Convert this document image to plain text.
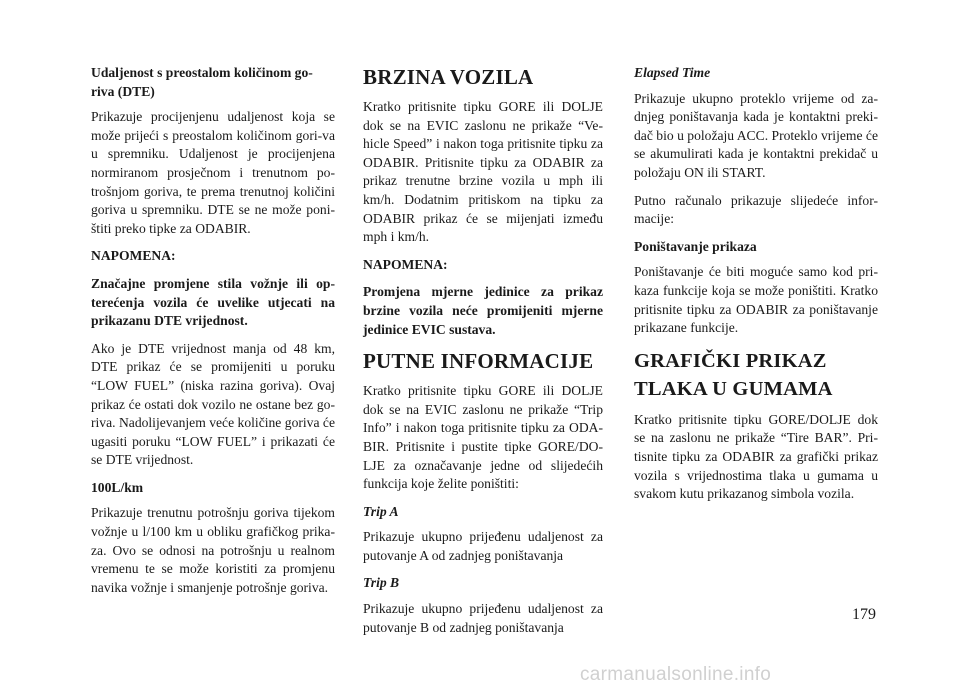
Udaljenost s preostalom količinom go-riva (DTE)

Prikazuje procijenjenu udaljenost koja se može prijeći s preostalom količinom gori-va u spremniku. Udaljenost je procijenjena normiranom prosječnom i trenutnom po-trošnjom goriva, te prema trenutnoj količini goriva u spremniku. DTE se ne može poni-štiti preko tipke za ODABIR.

NAPOMENA:

Značajne promjene stila vožnje ili op-terećenja vozila će uvelike utjecati na prikazanu DTE vrijednost.

Ako je DTE vrijednost manja od 48 km, DTE prikaz će se promijeniti u poruku “LOW FUEL” (niska razina goriva). Ovaj prikaz će ostati dok vozilo ne ostane bez go-riva. Nadolijevanjem veće količine goriva će ugasiti poruku “LOW FUEL” i prikazati će se DTE vrijednost.

100L/km

Prikazuje trenutnu potrošnju goriva tijekom vožnje u l/100 km u obliku grafičkog prika-za. Ovo se odnosi na potrošnju u realnom vremenu te se može koristiti za promjenu navika vožnje i smanjenje potrošnje goriva.

BRZINA VOZILA

Kratko pritisnite tipku GORE ili DOLJE dok se na EVIC zaslonu ne prikaže “Ve-hicle Speed” i nakon toga pritisnite tipku za ODABIR. Pritisnite tipku za ODABIR za prikaz trenutne brzine vozila u mph ili km/h. Dodatnim pritiskom na tipku za ODABIR prikaz će se mijenjati između mph i km/h.

NAPOMENA:

Promjena mjerne jedinice za prikaz brzine vozila neće promijeniti mjerne jedinice EVIC sustava.

PUTNE INFORMACIJE

Kratko pritisnite tipku GORE ili DOLJE dok se na EVIC zaslonu ne prikaže “Trip Info” i nakon toga pritisnite tipku za ODA-BIR. Pritisnite i pustite tipke GORE/DO-LJE za označavanje jedne od slijedećih funkcija koje želite poništiti:

Trip A

Prikazuje ukupno prijeđenu udaljenost za putovanje A od zadnjeg poništavanja

Trip B

Prikazuje ukupno prijeđenu udaljenost za putovanje B od zadnjeg poništavanja

Elapsed Time

Prikazuje ukupno proteklo vrijeme od za-dnjeg poništavanja kada je kontaktni preki-dač bio u položaju ACC. Proteklo vrijeme će se akumulirati kada je kontaktni prekidač u položaju ON ili START.

Putno računalo prikazuje slijedeće infor-macije:

Poništavanje prikaza

Poništavanje će biti moguće samo kod pri-kaza funkcije koja se može poništiti. Kratko pritisnite tipku za ODABIR za poništavanje prikazane funkcije.

GRAFIČKI PRIKAZ TLAKA U GUMAMA

Kratko pritisnite tipku GORE/DOLJE dok se na zaslonu ne prikaže “Tire BAR”. Pri-tisnite tipku za ODABIR za grafički prikaz vozila s vrijednostima tlaka u gumama u svakom kutu prikazanog simbola vozila.

179
carmanualsonline.info
